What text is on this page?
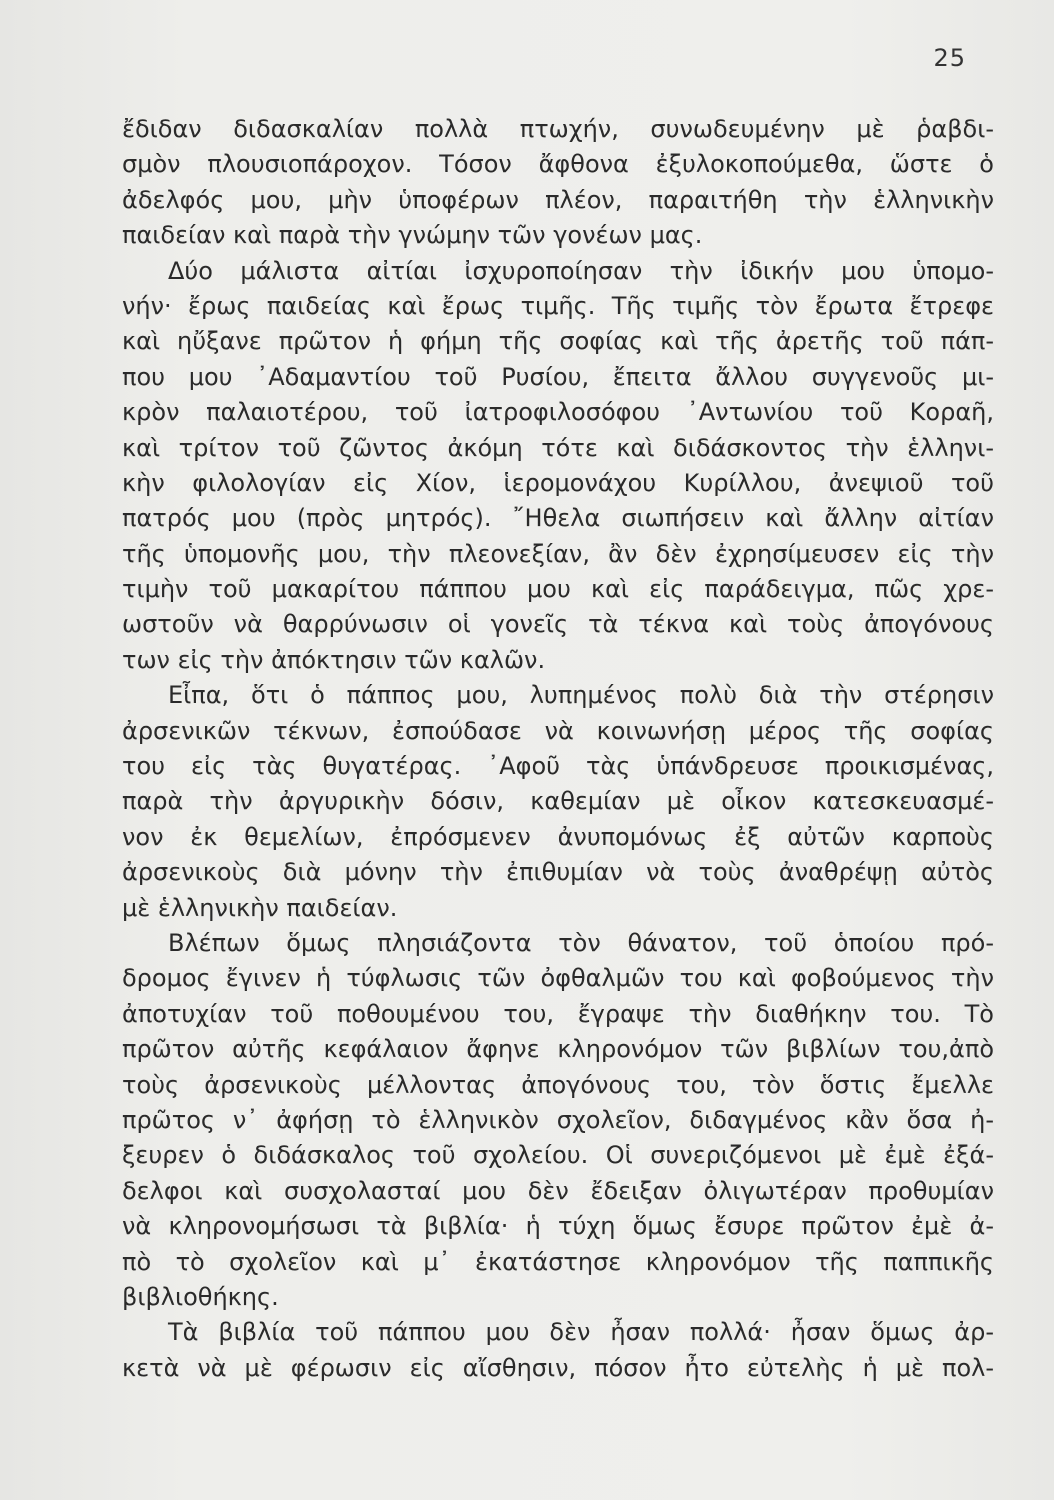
25
ἔδιδαν διδασκαλίαν πολλὰ πτωχήν, συνωδευμένην μὲ ῥαβδι-
σμὸν πλουσιοπάροχον. Τόσον ἄφθονα ἐξυλοκοπούμεθα, ὥστε ὁ
ἀδελφός μου, μὴν ὑποφέρων πλέον, παραιτήθη τὴν ἑλληνικὴν
παιδείαν καὶ παρὰ τὴν γνώμην τῶν γονέων μας.
Δύο μάλιστα αἰτίαι ἰσχυροποίησαν τὴν ἰδικήν μου ὑπομο-
νήν· ἔρως παιδείας καὶ ἔρως τιμῆς. Τῆς τιμῆς τὸν ἔρωτα ἔτρεφε
καὶ ηὔξανε πρῶτον ἡ φήμη τῆς σοφίας καὶ τῆς ἀρετῆς τοῦ πάπ-
που μου ᾿Αδαμαντίου τοῦ Ρυσίου, ἔπειτα ἄλλου συγγενοῦς μι-
κρὸν παλαιοτέρου, τοῦ ἰατροφιλοσόφου ᾿Αντωνίου τοῦ Κοραῆ,
καὶ τρίτον τοῦ ζῶντος ἀκόμη τότε καὶ διδάσκοντος τὴν ἑλληνι-
κὴν φιλολογίαν εἰς Χίον, ἱερομονάχου Κυρίλλου, ἀνεψιοῦ τοῦ
πατρός μου (πρὸς μητρός). ῎Ηθελα σιωπήσειν καὶ ἄλλην αἰτίαν
τῆς ὑπομονῆς μου, τὴν πλεονεξίαν, ἂν δὲν ἐχρησίμευσεν εἰς τὴν
τιμὴν τοῦ μακαρίτου πάππου μου καὶ εἰς παράδειγμα, πῶς χρε-
ωστοῦν νὰ θαρρύνωσιν οἱ γονεῖς τὰ τέκνα καὶ τοὺς ἀπογόνους
των εἰς τὴν ἀπόκτησιν τῶν καλῶν.
Εἶπα, ὅτι ὁ πάππος μου, λυπημένος πολὺ διὰ τὴν στέρησιν
ἀρσενικῶν τέκνων, ἐσπούδασε νὰ κοινωνήσῃ μέρος τῆς σοφίας
του εἰς τὰς θυγατέρας. ᾿Αφοῦ τὰς ὑπάνδρευσε προικισμένας,
παρὰ τὴν ἀργυρικὴν δόσιν, καθεμίαν μὲ οἶκον κατεσκευασμέ-
νον ἐκ θεμελίων, ἐπρόσμενεν ἀνυπομόνως ἐξ αὐτῶν καρποὺς
ἀρσενικοὺς διὰ μόνην τὴν ἐπιθυμίαν νὰ τοὺς ἀναθρέψῃ αὐτὸς
μὲ ἑλληνικὴν παιδείαν.
Βλέπων ὅμως πλησιάζοντα τὸν θάνατον, τοῦ ὁποίου πρό-
δρομος ἔγινεν ἡ τύφλωσις τῶν ὀφθαλμῶν του καὶ φοβούμενος τὴν
ἀποτυχίαν τοῦ ποθουμένου του, ἔγραψε τὴν διαθήκην του. Τὸ
πρῶτον αὐτῆς κεφάλαιον ἄφηνε κληρονόμον τῶν βιβλίων του,ἀπὸ
τοὺς ἀρσενικοὺς μέλλοντας ἀπογόνους του, τὸν ὅστις ἔμελλε
πρῶτος ν᾿ ἀφήσῃ τὸ ἑλληνικὸν σχολεῖον, διδαγμένος κἂν ὅσα ἠ-
ξευρεν ὁ διδάσκαλος τοῦ σχολείου. Οἱ συνεριζόμενοι μὲ ἐμὲ ἐξά-
δελφοι καὶ συσχολασταί μου δὲν ἔδειξαν ὀλιγωτέραν προθυμίαν
νὰ κληρονομήσωσι τὰ βιβλία· ἡ τύχη ὅμως ἔσυρε πρῶτον ἐμὲ ἀ-
πὸ τὸ σχολεῖον καὶ μ᾿ ἐκατάστησε κληρονόμον τῆς παππικῆς
βιβλιοθήκης.
Τὰ βιβλία τοῦ πάππου μου δὲν ἦσαν πολλά· ἦσαν ὅμως ἀρ-
κετὰ νὰ μὲ φέρωσιν εἰς αἴσθησιν, πόσον ἦτο εὐτελὴς ἡ μὲ πολ-
